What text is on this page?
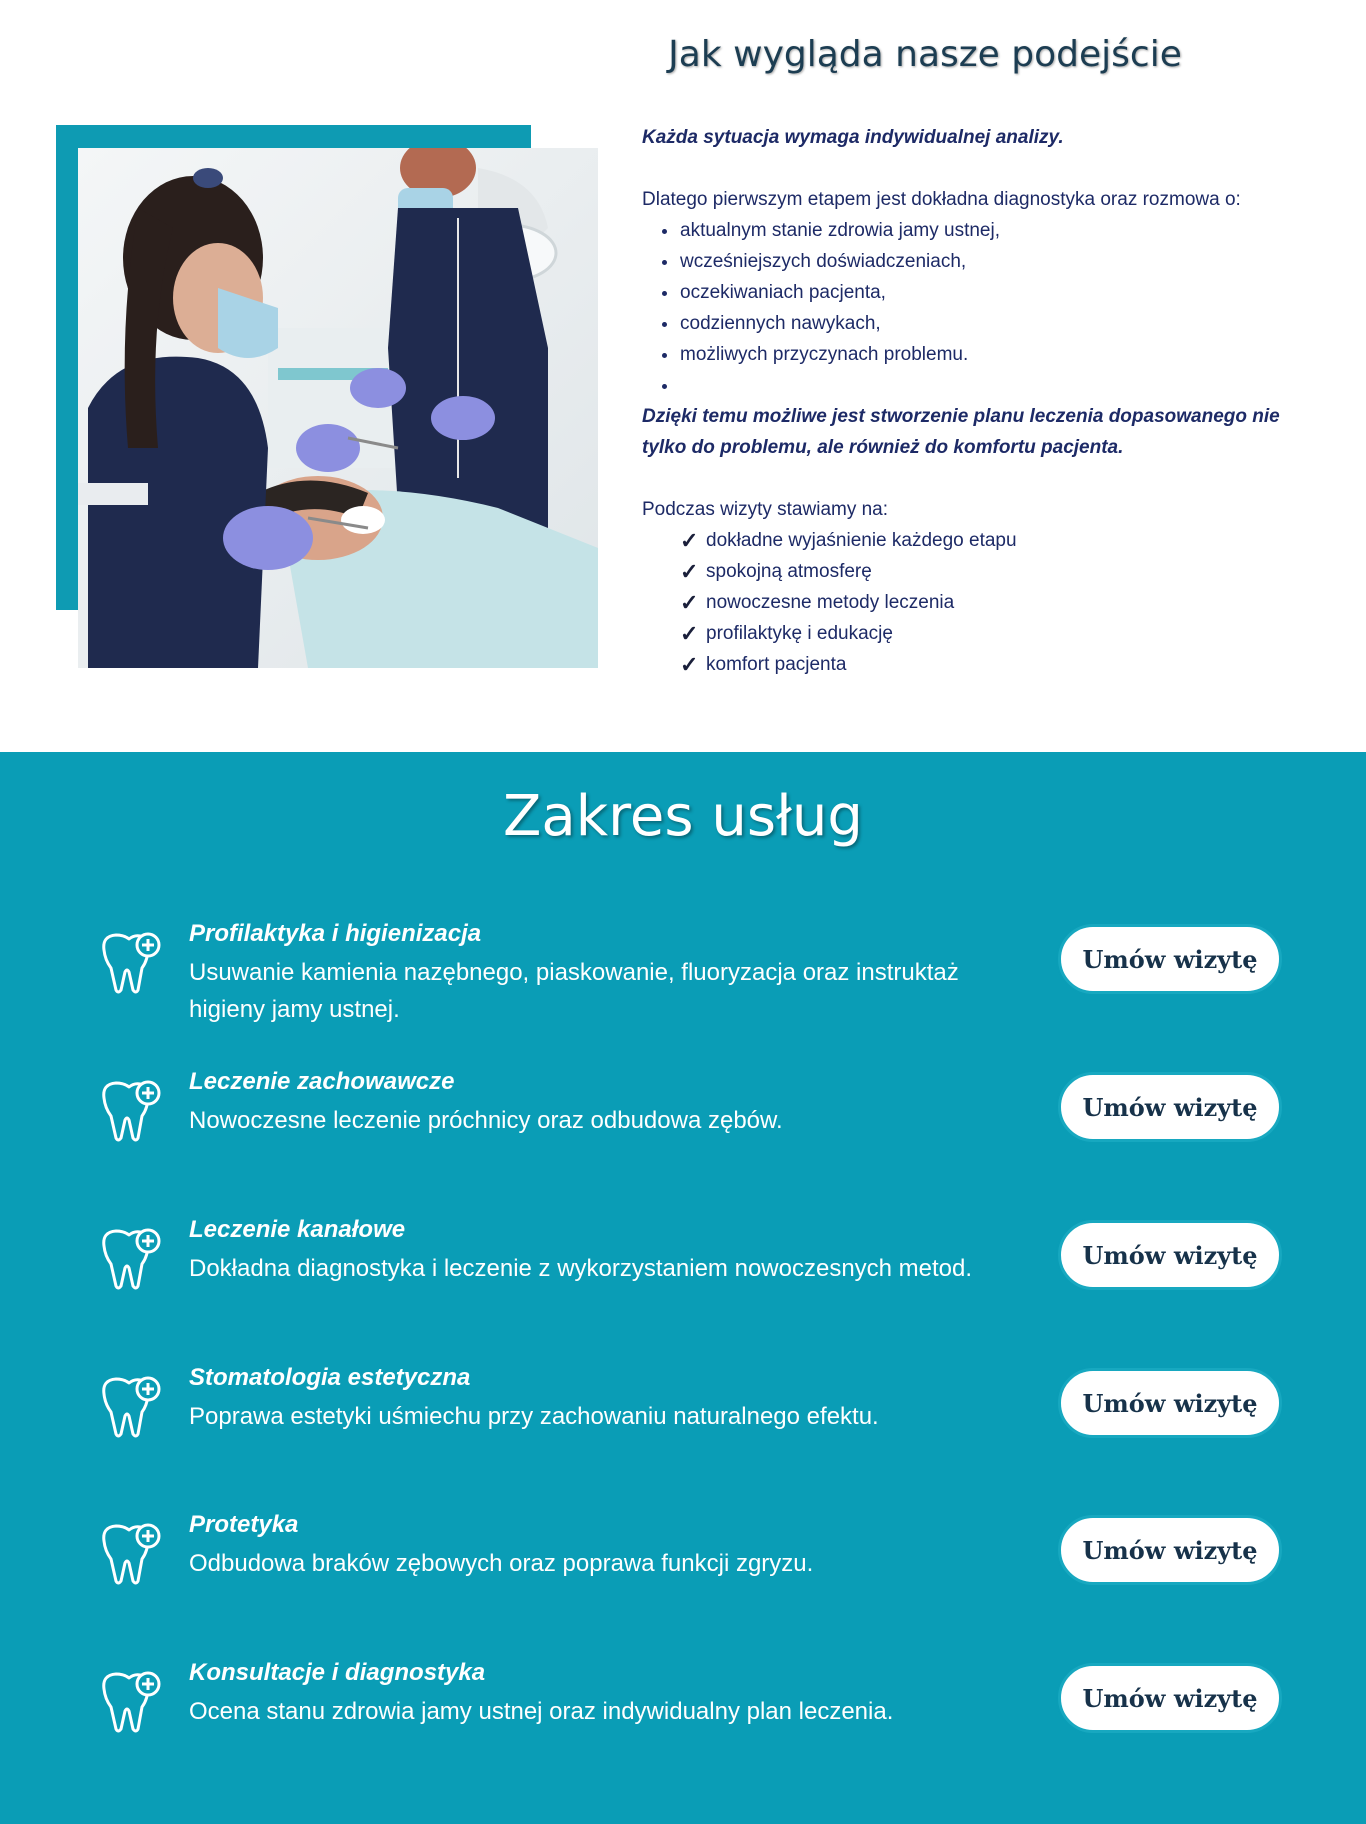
Jak wygląda nasze podejście

Każda sytuacja wymaga indywidualnej analizy.

Dlatego pierwszym etapem jest dokładna diagnostyka oraz rozmowa o:

• aktualnym stanie zdrowia jamy ustnej,
• wcześniejszych doświadczeniach,
• oczekiwaniach pacjenta,
• codziennych nawykach,
• możliwych przyczynach problemu.
•

Dzięki temu możliwe jest stworzenie planu leczenia dopasowanego nie tylko do problemu, ale również do komfortu pacjenta.

Podczas wizyty stawiamy na:

✓ dokładne wyjaśnienie każdego etapu
✓ spokojną atmosferę
✓ nowoczesne metody leczenia
✓ profilaktykę i edukację
✓ komfort pacjenta
Zakres usług
Profilaktyka i higienizacja
Usuwanie kamienia nazębnego, piaskowanie, fluoryzacja oraz instruktaż higieny jamy ustnej.
Umów wizytę
Leczenie zachowawcze
Nowoczesne leczenie próchnicy oraz odbudowa zębów.	Umów wizytę
Leczenie kanałowe
Dokładna diagnostyka i leczenie z wykorzystaniem nowoczesnych metod.	Umów wizytę
Stomatologia estetyczna
Poprawa estetyki uśmiechu przy zachowaniu naturalnego efektu.	Umów wizytę
Protetyka
Odbudowa braków zębowych oraz poprawa funkcji zgryzu.	Umów wizytę
Konsultacje i diagnostyka
Ocena stanu zdrowia jamy ustnej oraz indywidualny plan leczenia.	Umów wizytę
